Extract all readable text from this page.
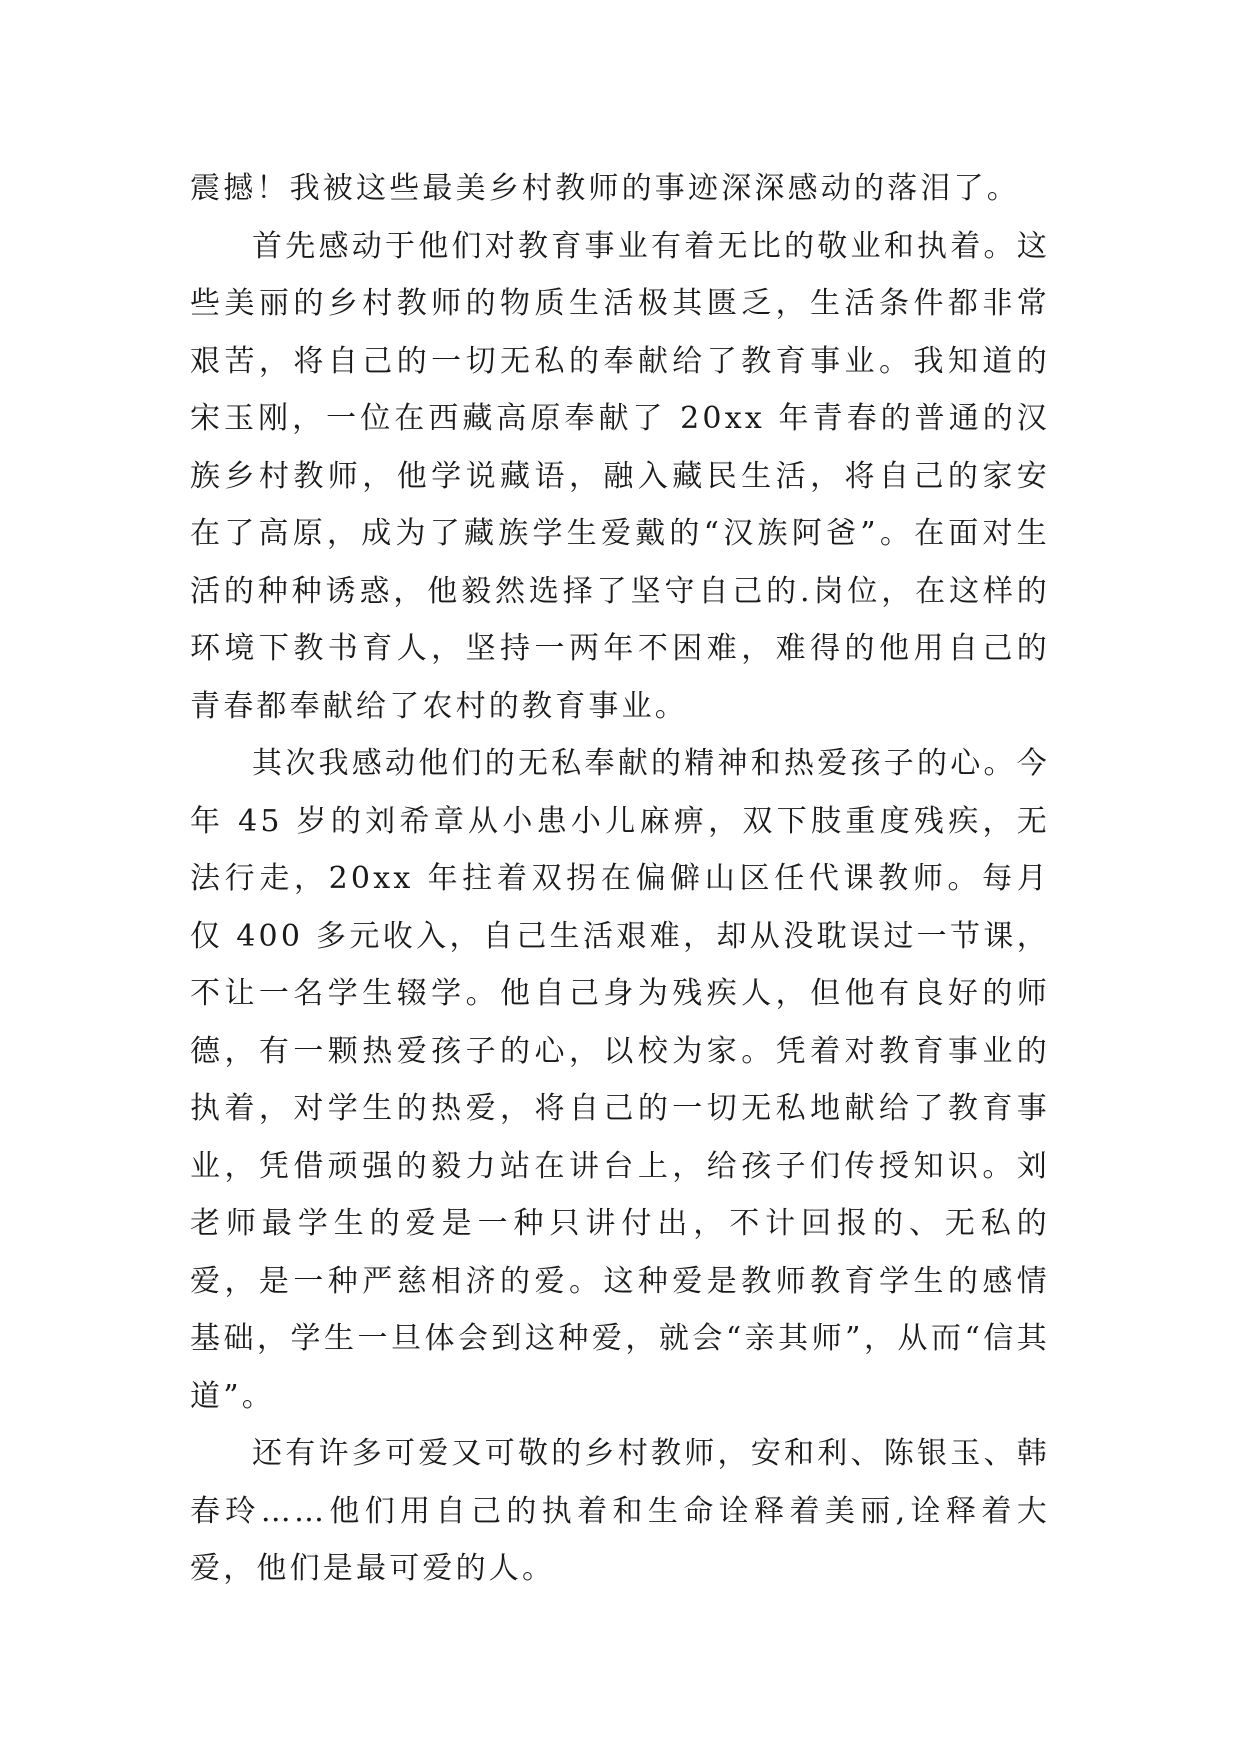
震撼！我被这些最美乡村教师的事迹深深感动的落泪了。

首先感动于他们对教育事业有着无比的敬业和执着。这些美丽的乡村教师的物质生活极其匮乏，生活条件都非常艰苦，将自己的一切无私的奉献给了教育事业。我知道的宋玉刚，一位在西藏高原奉献了 20xx 年青春的普通的汉族乡村教师，他学说藏语，融入藏民生活，将自己的家安在了高原，成为了藏族学生爱戴的“汉族阿爸”。在面对生活的种种诱惑，他毅然选择了坚守自己的.岗位，在这样的环境下教书育人，坚持一两年不困难，难得的他用自己的青春都奉献给了农村的教育事业。

其次我感动他们的无私奉献的精神和热爱孩子的心。今年 45 岁的刘希章从小患小儿麻痹，双下肢重度残疾，无法行走，20xx 年拄着双拐在偏僻山区任代课教师。每月仅 400 多元收入，自己生活艰难，却从没耽误过一节课，不让一名学生辍学。他自己身为残疾人，但他有良好的师德，有一颗热爱孩子的心，以校为家。凭着对教育事业的执着，对学生的热爱，将自己的一切无私地献给了教育事业，凭借顽强的毅力站在讲台上，给孩子们传授知识。刘老师最学生的爱是一种只讲付出，不计回报的、无私的爱，是一种严慈相济的爱。这种爱是教师教育学生的感情基础，学生一旦体会到这种爱，就会“亲其师”，从而“信其道”。

还有许多可爱又可敬的乡村教师，安和利、陈银玉、韩春玲……他们用自己的执着和生命诠释着美丽,诠释着大爱，他们是最可爱的人。
